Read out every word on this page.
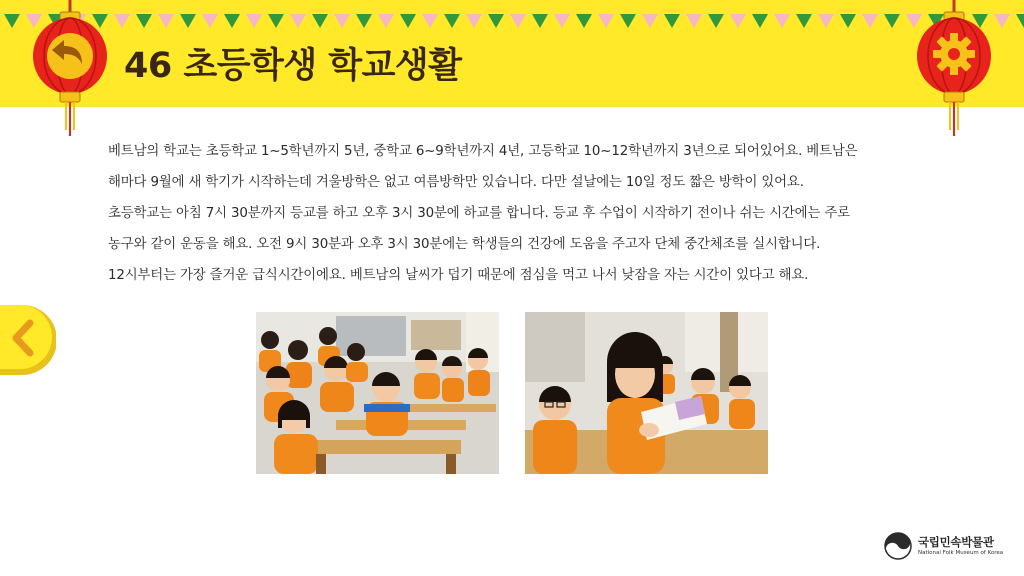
46 초등학생 학교생활
베트남의 학교는 초등학교 1~5학년까지 5년, 중학교 6~9학년까지 4년, 고등학교 10~12학년까지 3년으로 되어있어요. 베트남은
해마다 9월에 새 학기가 시작하는데 겨울방학은 없고 여름방학만 있습니다. 다만 설날에는 10일 정도 짧은 방학이 있어요.
초등학교는 아침 7시 30분까지 등교를 하고 오후 3시 30분에 하교를 합니다. 등교 후 수업이 시작하기 전이나 쉬는 시간에는 주로
농구와 같이 운동을 해요. 오전 9시 30분과 오후 3시 30분에는 학생들의 건강에 도움을 주고자 단체 중간체조를 실시합니다.
12시부터는 가장 즐거운 급식시간이에요. 베트남의 날씨가 덥기 때문에 점심을 먹고 나서 낮잠을 자는 시간이 있다고 해요.
국립민속박물관
National Folk Museum of Korea
